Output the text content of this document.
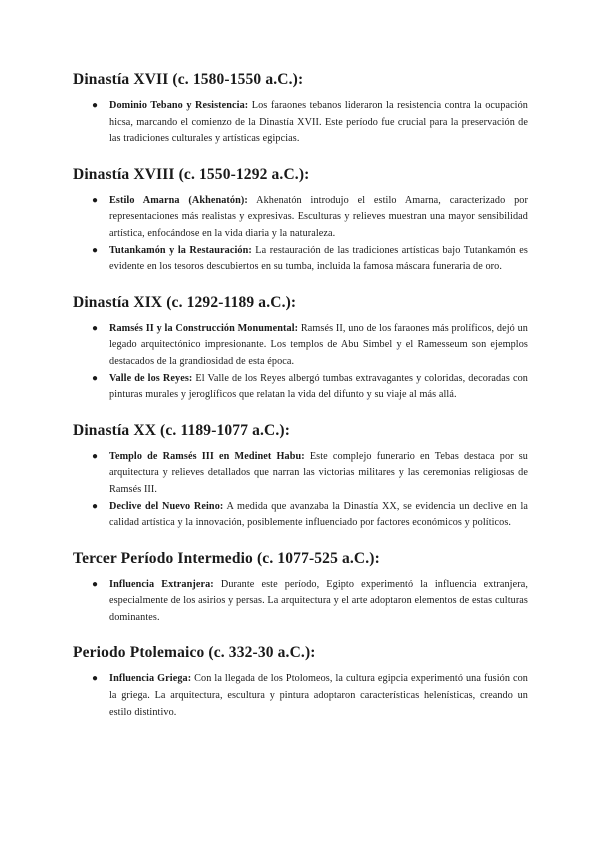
Dinastía XVII (c. 1580-1550 a.C.):
● Dominio Tebano y Resistencia: Los faraones tebanos lideraron la resistencia contra la ocupación hicsa, marcando el comienzo de la Dinastía XVII. Este período fue crucial para la preservación de las tradiciones culturales y artísticas egipcias.
Dinastía XVIII (c. 1550-1292 a.C.):
● Estilo Amarna (Akhenatón): Akhenatón introdujo el estilo Amarna, caracterizado por representaciones más realistas y expresivas. Esculturas y relieves muestran una mayor sensibilidad artística, enfocándose en la vida diaria y la naturaleza.
● Tutankamón y la Restauración: La restauración de las tradiciones artísticas bajo Tutankamón es evidente en los tesoros descubiertos en su tumba, incluida la famosa máscara funeraria de oro.
Dinastía XIX (c. 1292-1189 a.C.):
● Ramsés II y la Construcción Monumental: Ramsés II, uno de los faraones más prolíficos, dejó un legado arquitectónico impresionante. Los templos de Abu Simbel y el Ramesseum son ejemplos destacados de la grandiosidad de esta época.
● Valle de los Reyes: El Valle de los Reyes albergó tumbas extravagantes y coloridas, decoradas con pinturas murales y jeroglíficos que relatan la vida del difunto y su viaje al más allá.
Dinastía XX (c. 1189-1077 a.C.):
● Templo de Ramsés III en Medinet Habu: Este complejo funerario en Tebas destaca por su arquitectura y relieves detallados que narran las victorias militares y las ceremonias religiosas de Ramsés III.
● Declive del Nuevo Reino: A medida que avanzaba la Dinastía XX, se evidencia un declive en la calidad artística y la innovación, posiblemente influenciado por factores económicos y políticos.
Tercer Período Intermedio (c. 1077-525 a.C.):
● Influencia Extranjera: Durante este período, Egipto experimentó la influencia extranjera, especialmente de los asirios y persas. La arquitectura y el arte adoptaron elementos de estas culturas dominantes.
Periodo Ptolemaico (c. 332-30 a.C.):
● Influencia Griega: Con la llegada de los Ptolomeos, la cultura egipcia experimentó una fusión con la griega. La arquitectura, escultura y pintura adoptaron características helenísticas, creando un estilo distintivo.
